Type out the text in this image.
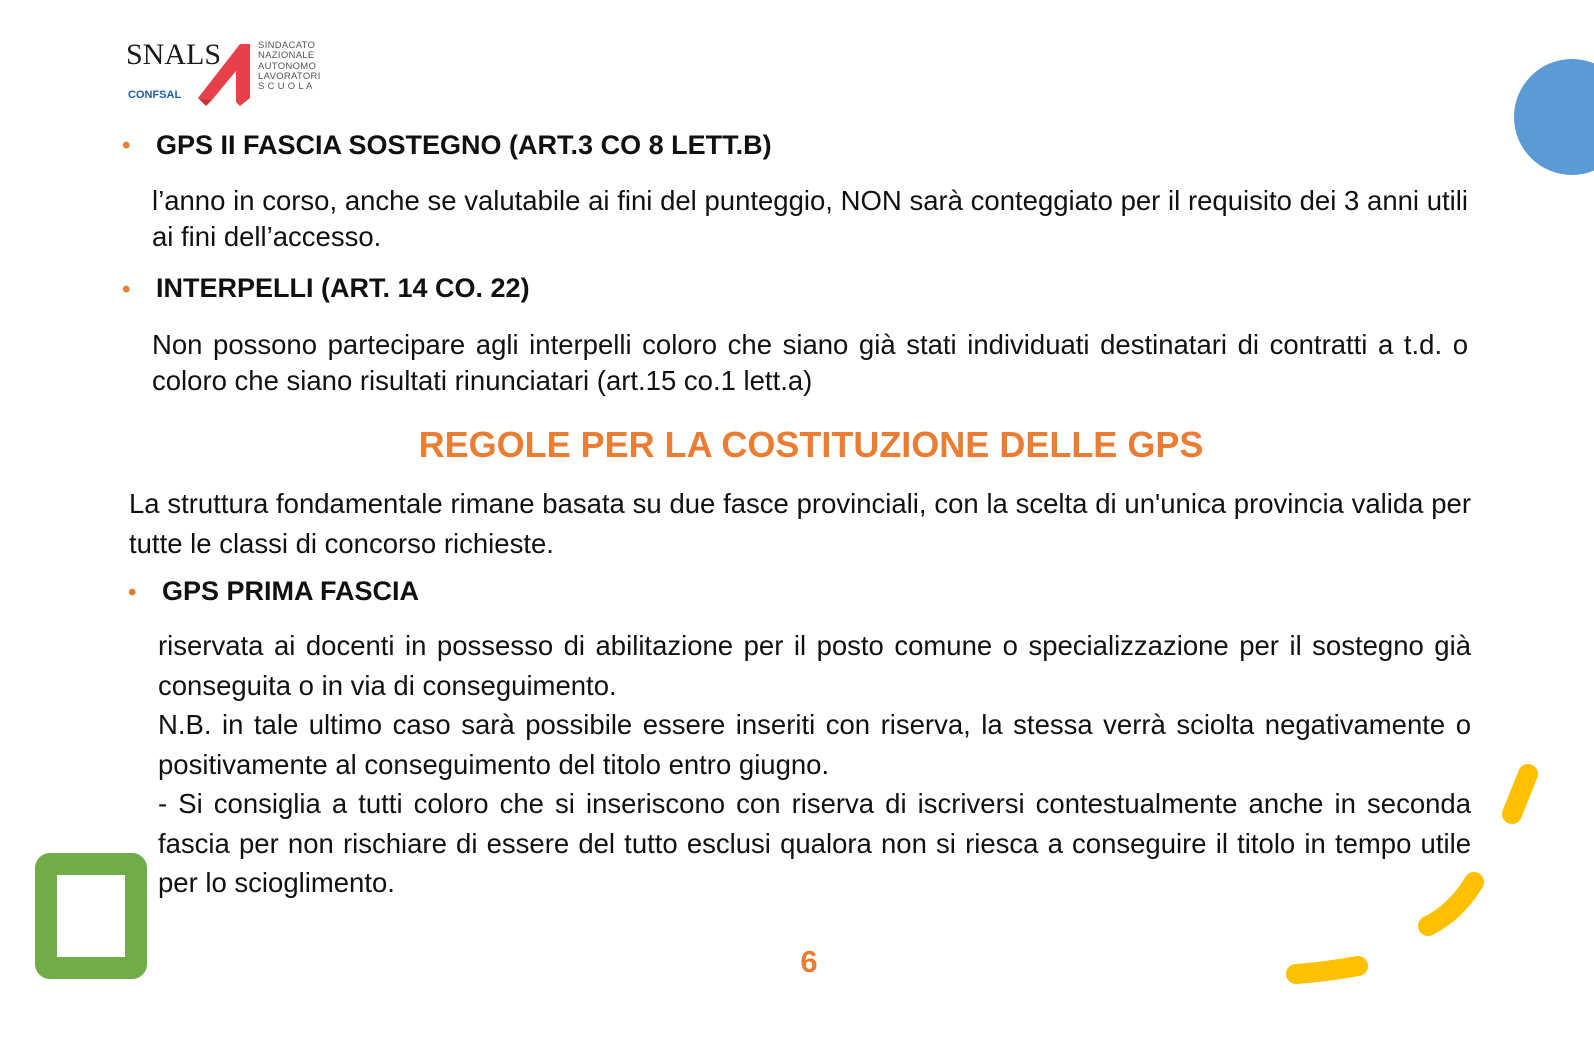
SNALS
CONFSAL
SINDACATO
NAZIONALE
AUTONOMO
LAVORATORI
S C U O L A
• GPS II FASCIA SOSTEGNO (ART.3 CO 8 LETT.B)
l’anno in corso, anche se valutabile ai fini del punteggio, NON sarà conteggiato per il requisito dei 3 anni utili ai fini dell’accesso.
• INTERPELLI (ART. 14 CO. 22)
Non possono partecipare agli interpelli coloro che siano già stati individuati destinatari di contratti a t.d. o coloro che siano risultati rinunciatari (art.15 co.1 lett.a)
REGOLE PER LA COSTITUZIONE DELLE GPS
La struttura fondamentale rimane basata su due fasce provinciali, con la scelta di un'unica provincia valida per tutte le classi di concorso richieste.
• GPS PRIMA FASCIA
riservata ai docenti in possesso di abilitazione per il posto comune o specializzazione per il sostegno già conseguita o in via di conseguimento.
N.B. in tale ultimo caso sarà possibile essere inseriti con riserva, la stessa verrà sciolta negativamente o positivamente al conseguimento del titolo entro giugno.
- Si consiglia a tutti coloro che si inseriscono con riserva di iscriversi contestualmente anche in seconda fascia per non rischiare di essere del tutto esclusi qualora non si riesca a conseguire il titolo in tempo utile per lo scioglimento.
6
